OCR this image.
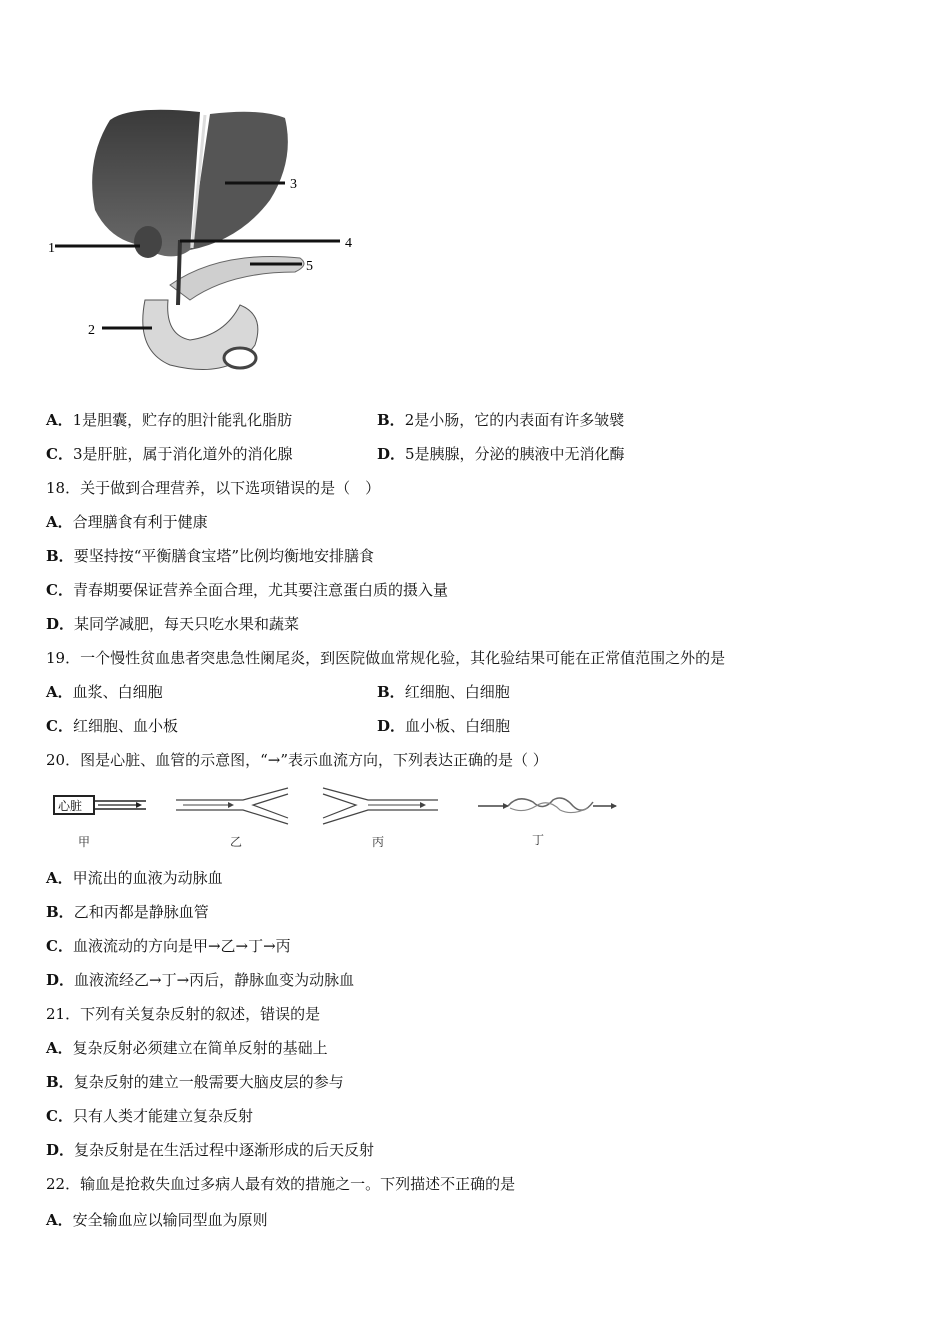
1
2
3
4
5
A．1是胆囊，贮存的胆汁能乳化脂肪	B．2是小肠，它的内表面有许多皱襞
C．3是肝脏，属于消化道外的消化腺	D．5是胰腺，分泌的胰液中无消化酶
18．关于做到合理营养，以下选项错误的是（　）
A．合理膳食有利于健康
B．要坚持按“平衡膳食宝塔”比例均衡地安排膳食
C．青春期要保证营养全面合理，尤其要注意蛋白质的摄入量
D．某同学减肥，每天只吃水果和蔬菜
19．一个慢性贫血患者突患急性阑尾炎，到医院做血常规化验，其化验结果可能在正常值范围之外的是
A．血浆、白细胞	B．红细胞、白细胞
C．红细胞、血小板	D．血小板、白细胞
20．图是心脏、血管的示意图，“→”表示血流方向，下列表达正确的是（ ）
心脏
甲	乙	丙	丁
A．甲流出的血液为动脉血
B．乙和丙都是静脉血管
C．血液流动的方向是甲→乙→丁→丙
D．血液流经乙→丁→丙后，静脉血变为动脉血
21．下列有关复杂反射的叙述，错误的是
A．复杂反射必须建立在简单反射的基础上
B．复杂反射的建立一般需要大脑皮层的参与
C．只有人类才能建立复杂反射
D．复杂反射是在生活过程中逐渐形成的后天反射
22．输血是抢救失血过多病人最有效的措施之一。下列描述不正确的是
A．安全输血应以输同型血为原则
